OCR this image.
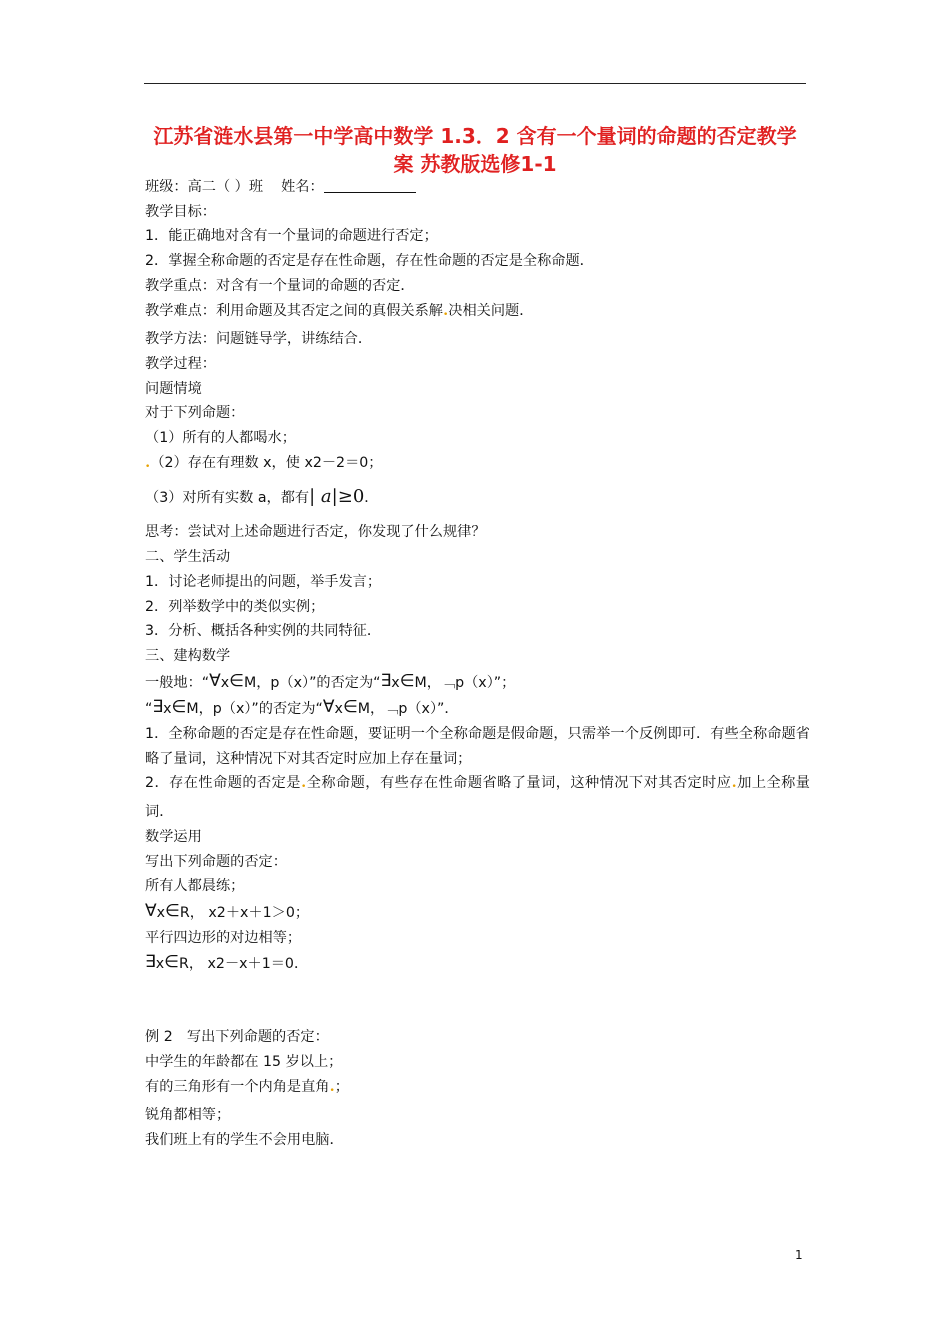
江苏省涟水县第一中学高中数学 1.3．2 含有一个量词的命题的否定教学案 苏教版选修1-1
班级：高二（ ）班 姓名：
教学目标：
1．能正确地对含有一个量词的命题进行否定；
2．掌握全称命题的否定是存在性命题，存在性命题的否定是全称命题．
教学重点：对含有一个量词的命题的否定．
教学难点：利用命题及其否定之间的真假关系解•决相关问题．
教学方法：问题链导学，讲练结合．
教学过程：
问题情境
对于下列命题：
（1）所有的人都喝水；
•（2）存在有理数 x，使 x2－2＝0；
（3）对所有实数 a，都有| a|≥0．
思考：尝试对上述命题进行否定，你发现了什么规律？
二、学生活动
1．讨论老师提出的问题，举手发言；
2．列举数学中的类似实例；
3．分析、概括各种实例的共同特征．
三、建构数学
一般地：“∀x∈M，p（x）”的否定为“∃x∈M，﹁p（x）”；
“∃x∈M，p（x）”的否定为“∀x∈M，﹁p（x）”．
1．全称命题的否定是存在性命题，要证明一个全称命题是假命题，只需举一个反例即可．有些全称命题省略了量词，这种情况下对其否定时应加上存在量词；
2．存在性命题的否定是•全称命题，有些存在性命题省略了量词，这种情况下对其否定时应•加上全称量词．
数学运用
写出下列命题的否定：
所有人都晨练；
∀x∈R， x2＋x＋1＞0；
平行四边形的对边相等；
∃x∈R， x2－x＋1＝0．
例 2　写出下列命题的否定：
中学生的年龄都在 15 岁以上；
有的三角形有一个内角是直角•；
锐角都相等；
我们班上有的学生不会用电脑．
1
